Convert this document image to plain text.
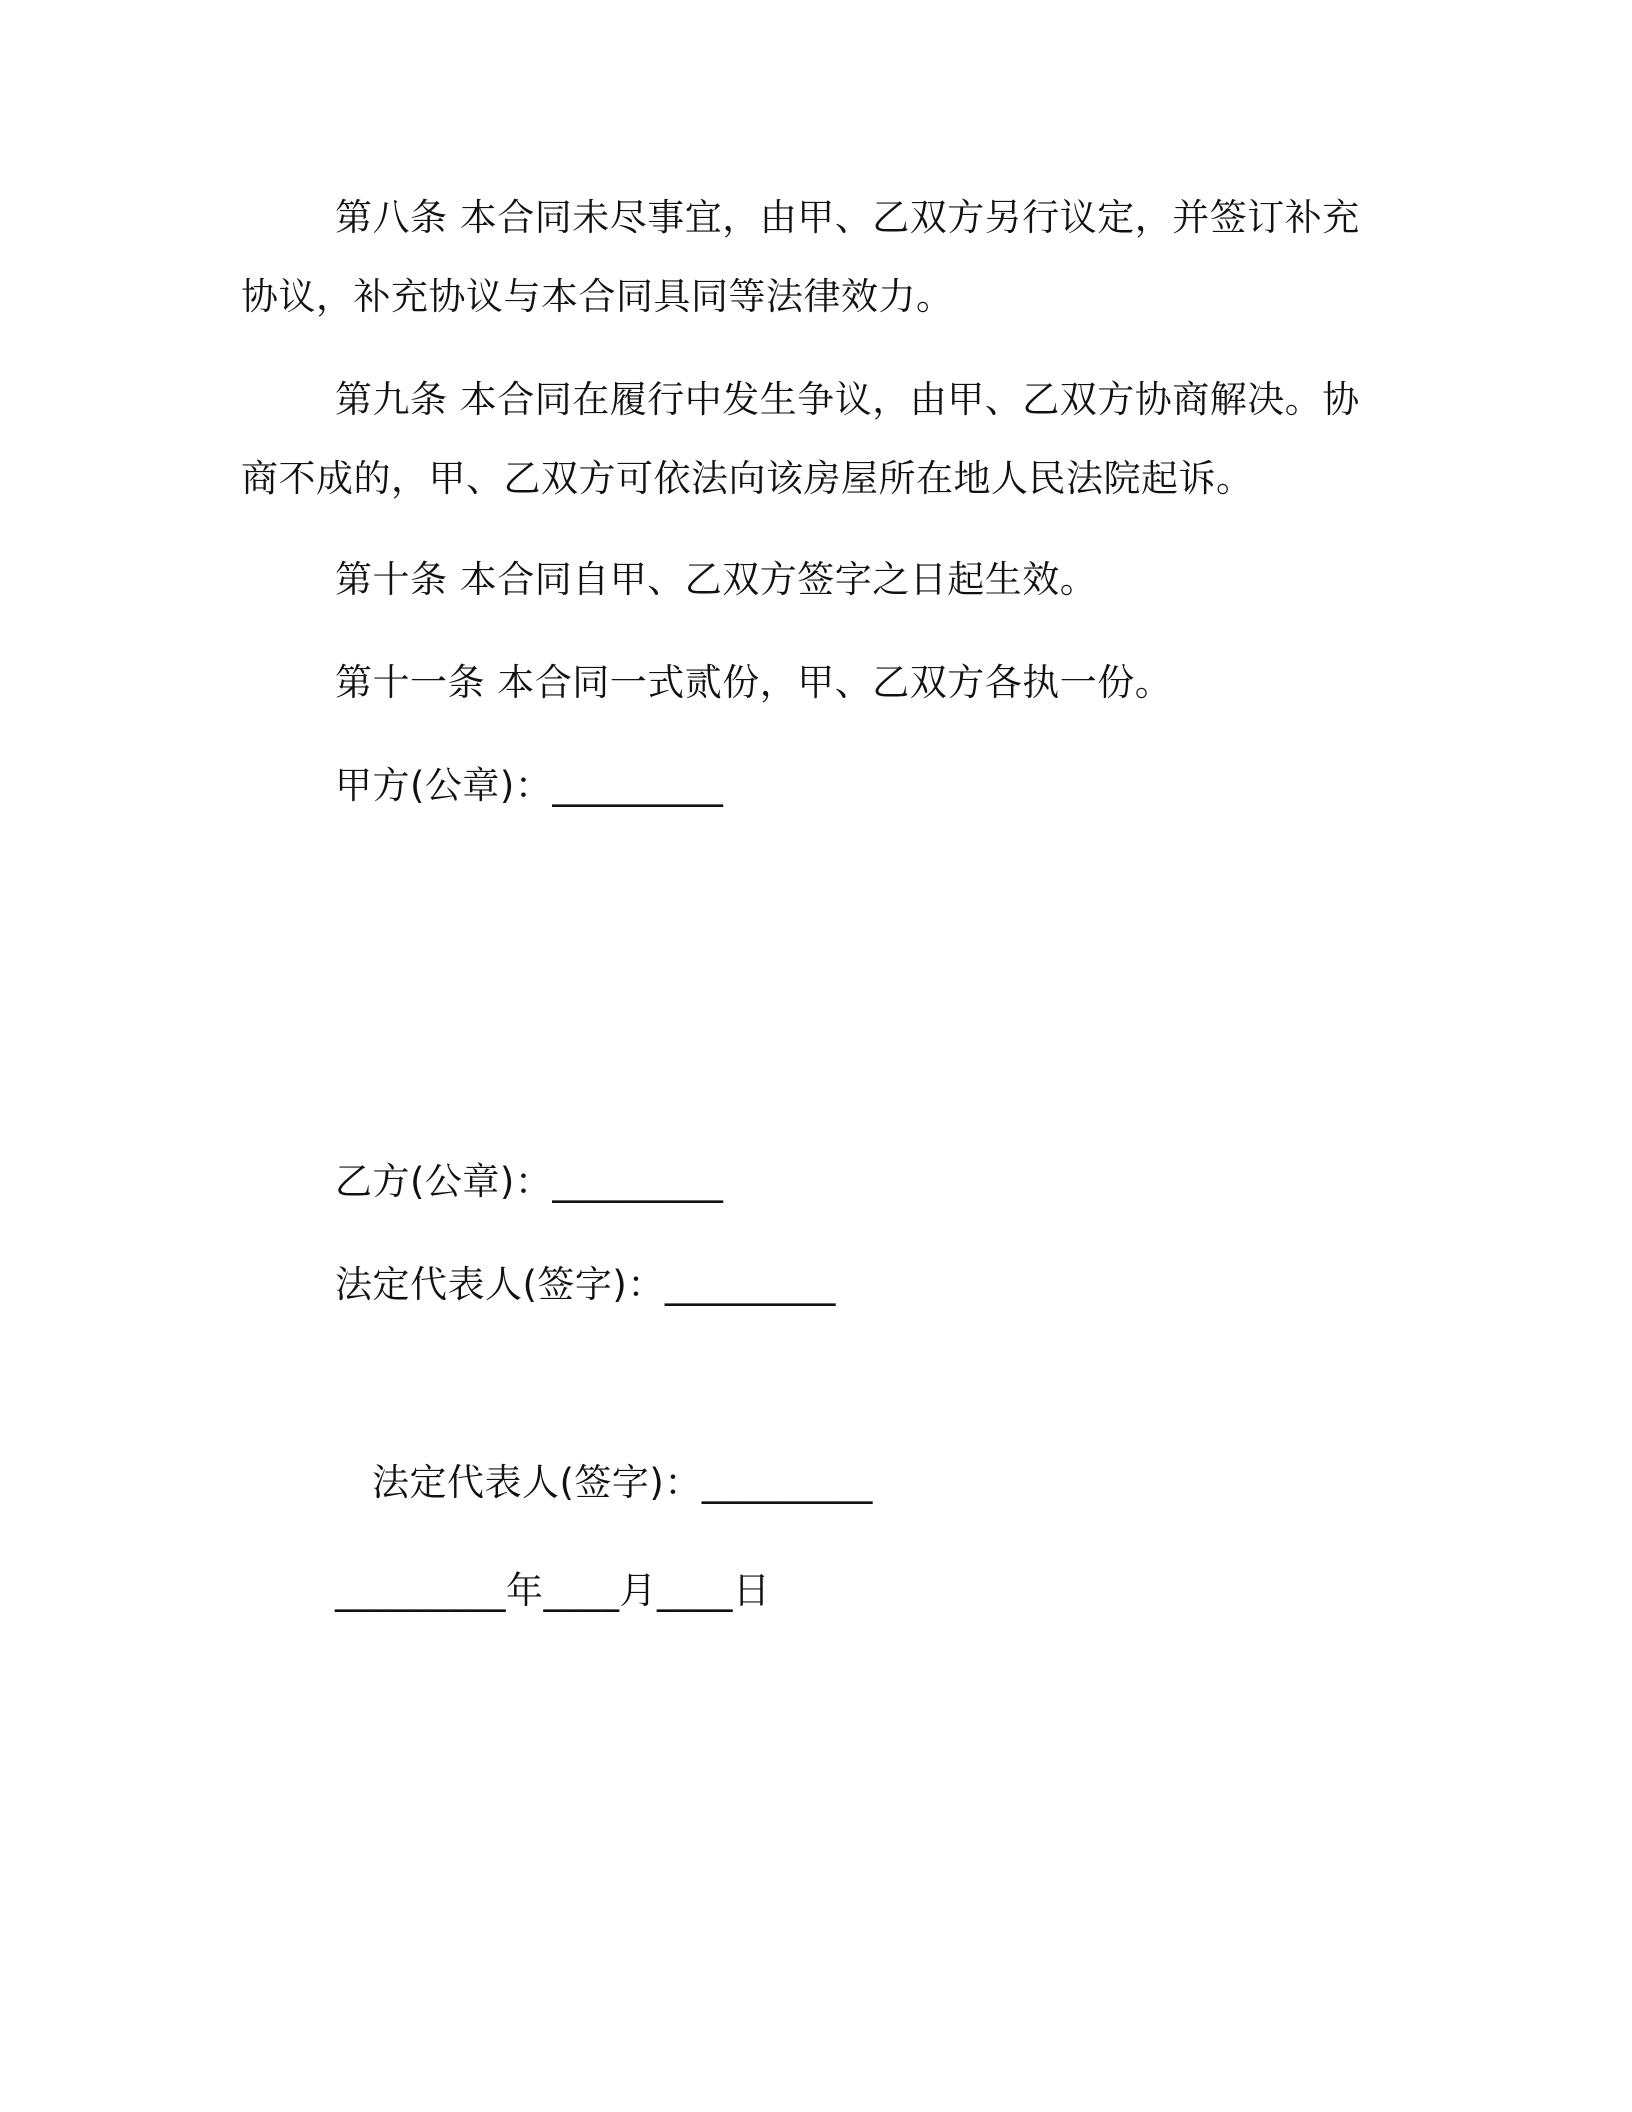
第八条 本合同未尽事宜，由甲、乙双方另行议定，并签订补充协议，补充协议与本合同具同等法律效力。

第九条 本合同在履行中发生争议，由甲、乙双方协商解决。协商不成的，甲、乙双方可依法向该房屋所在地人民法院起诉。

第十条 本合同自甲、乙双方签字之日起生效。

第十一条 本合同一式贰份，甲、乙双方各执一份。

甲方(公章)：_________

乙方(公章)：_________

法定代表人(签字)：_________

法定代表人(签字)：_________

_________年____月____日
